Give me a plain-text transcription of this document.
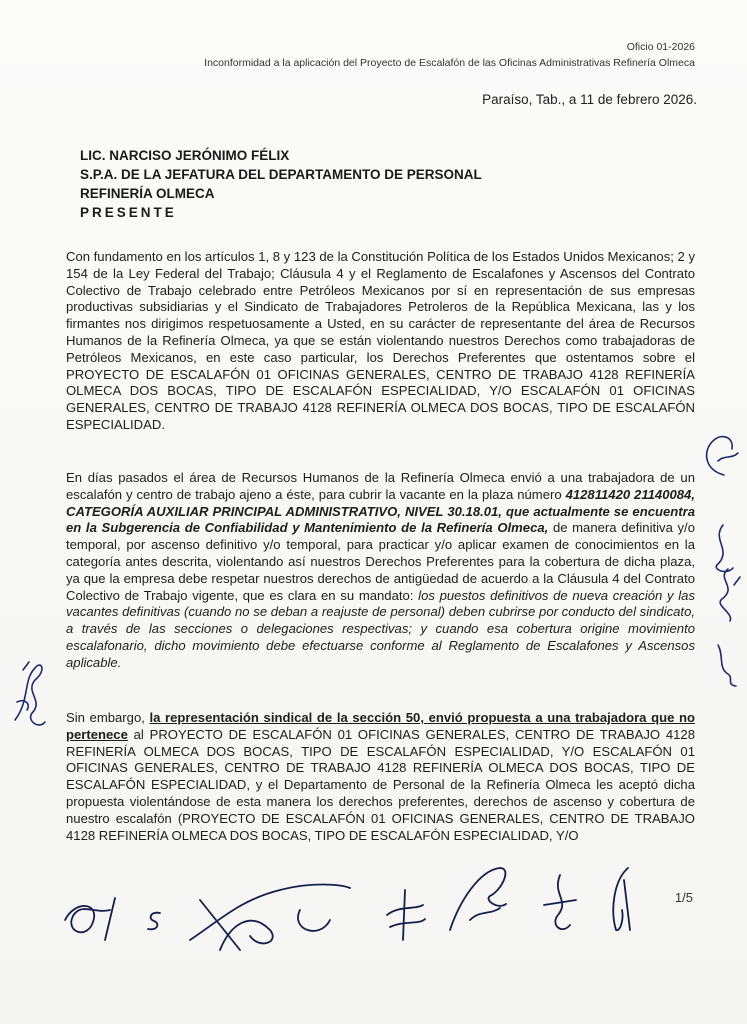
Oficio 01-2026
Inconformidad a la aplicación del Proyecto de Escalafón de las Oficinas Administrativas Refinería Olmeca
Paraíso, Tab., a 11 de febrero 2026.
LIC. NARCISO JERÓNIMO FÉLIX
S.P.A. DE LA JEFATURA DEL DEPARTAMENTO DE PERSONAL
REFINERÍA OLMECA
PRESENTE
Con fundamento en los artículos 1, 8 y 123 de la Constitución Política de los Estados Unidos Mexicanos; 2 y 154 de la Ley Federal del Trabajo; Cláusula 4 y el Reglamento de Escalafones y Ascensos del Contrato Colectivo de Trabajo celebrado entre Petróleos Mexicanos por sí en representación de sus empresas productivas subsidiarias y el Sindicato de Trabajadores Petroleros de la República Mexicana, las y los firmantes nos dirigimos respetuosamente a Usted, en su carácter de representante del área de Recursos Humanos de la Refinería Olmeca, ya que se están violentando nuestros Derechos como trabajadoras de Petróleos Mexicanos, en este caso particular, los Derechos Preferentes que ostentamos sobre el PROYECTO DE ESCALAFÓN 01 OFICINAS GENERALES, CENTRO DE TRABAJO 4128 REFINERÍA OLMECA DOS BOCAS, TIPO DE ESCALAFÓN ESPECIALIDAD, Y/O ESCALAFÓN 01 OFICINAS GENERALES, CENTRO DE TRABAJO 4128 REFINERÍA OLMECA DOS BOCAS, TIPO DE ESCALAFÓN ESPECIALIDAD.
En días pasados el área de Recursos Humanos de la Refinería Olmeca envió a una trabajadora de un escalafón y centro de trabajo ajeno a éste, para cubrir la vacante en la plaza número 412811420 21140084, CATEGORÍA AUXILIAR PRINCIPAL ADMINISTRATIVO, NIVEL 30.18.01, que actualmente se encuentra en la Subgerencia de Confiabilidad y Mantenimiento de la Refinería Olmeca, de manera definitiva y/o temporal, por ascenso definitivo y/o temporal, para practicar y/o aplicar examen de conocimientos en la categoría antes descrita, violentando así nuestros Derechos Preferentes para la cobertura de dicha plaza, ya que la empresa debe respetar nuestros derechos de antigüedad de acuerdo a la Cláusula 4 del Contrato Colectivo de Trabajo vigente, que es clara en su mandato: los puestos definitivos de nueva creación y las vacantes definitivas (cuando no se deban a reajuste de personal) deben cubrirse por conducto del sindicato, a través de las secciones o delegaciones respectivas; y cuando esa cobertura origine movimiento escalafonario, dicho movimiento debe efectuarse conforme al Reglamento de Escalafones y Ascensos aplicable.
Sin embargo, la representación sindical de la sección 50, envió propuesta a una trabajadora que no pertenece al PROYECTO DE ESCALAFÓN 01 OFICINAS GENERALES, CENTRO DE TRABAJO 4128 REFINERÍA OLMECA DOS BOCAS, TIPO DE ESCALAFÓN ESPECIALIDAD, Y/O ESCALAFÓN 01 OFICINAS GENERALES, CENTRO DE TRABAJO 4128 REFINERÍA OLMECA DOS BOCAS, TIPO DE ESCALAFÓN ESPECIALIDAD, y el Departamento de Personal de la Refinería Olmeca les aceptó dicha propuesta violentándose de esta manera los derechos preferentes, derechos de ascenso y cobertura de nuestro escalafón (PROYECTO DE ESCALAFÓN 01 OFICINAS GENERALES, CENTRO DE TRABAJO 4128 REFINERÍA OLMECA DOS BOCAS, TIPO DE ESCALAFÓN ESPECIALIDAD, Y/O
1/5
